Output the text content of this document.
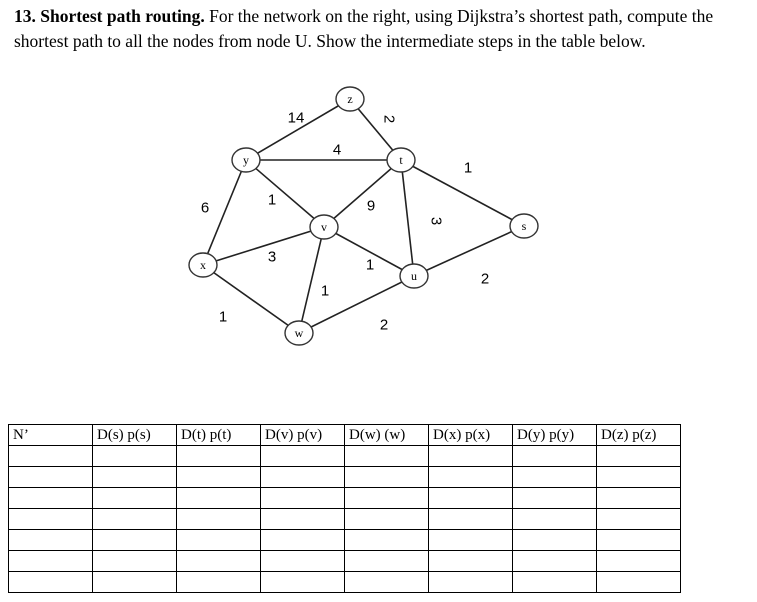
13. Shortest path routing. For the network on the right, using Dijkstra’s shortest path, compute the shortest path to all the nodes from node U. Show the intermediate steps in the table below.
14	2
4
1
6	1	9
3
3	1
1
2
1	2
z
y	t
v	s
x
u
w
N’	D(s) p(s)	D(t) p(t)	D(v) p(v)	D(w) (w)	D(x) p(x)	D(y) p(y)	D(z) p(z)
